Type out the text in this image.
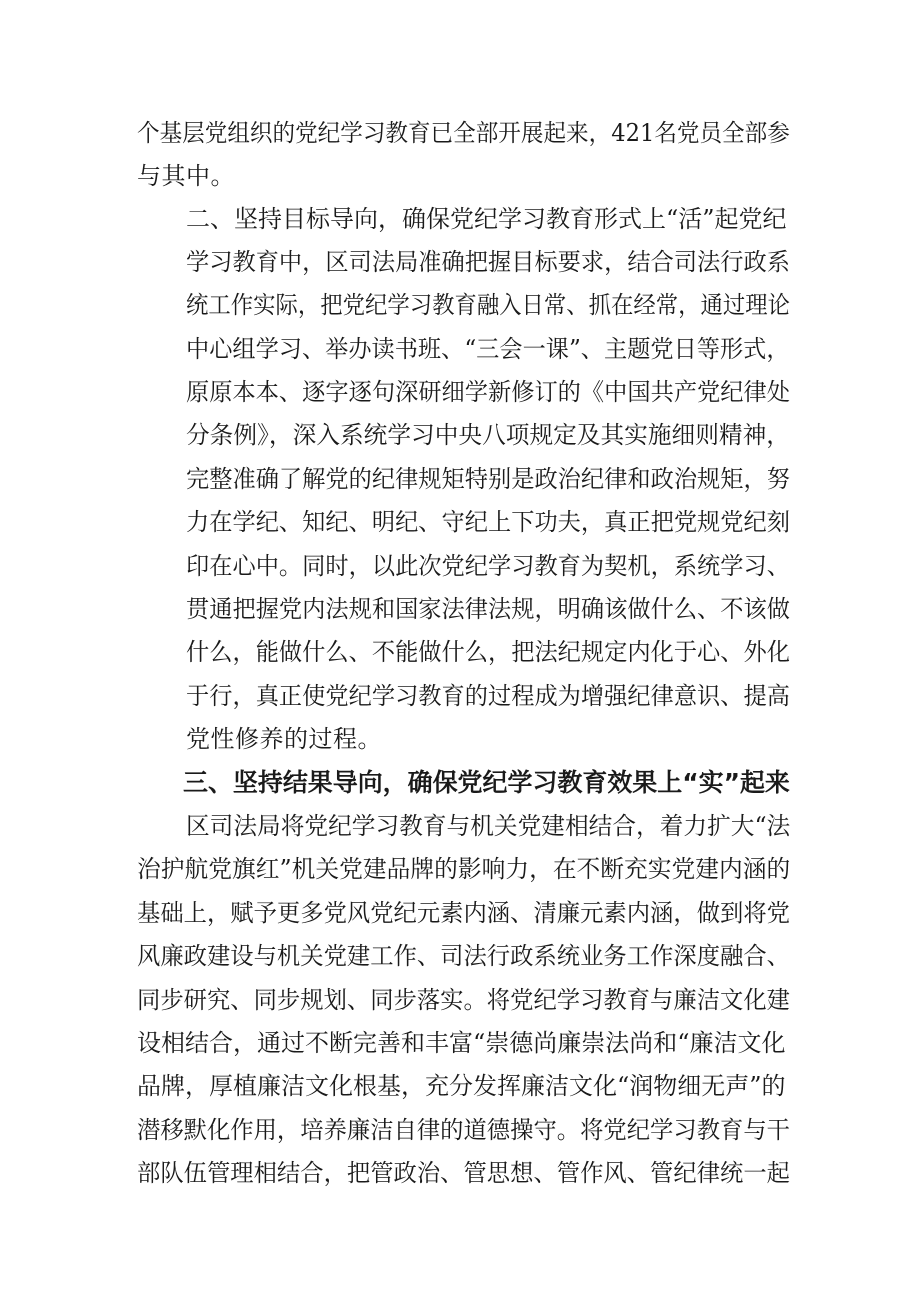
个基层党组织的党纪学习教育已全部开展起来，421名党员全部参
与其中。
二、坚持目标导向，确保党纪学习教育形式上“活”起党纪
学习教育中，区司法局准确把握目标要求，结合司法行政系
统工作实际，把党纪学习教育融入日常、抓在经常，通过理论
中心组学习、举办读书班、“三会一课”、主题党日等形式，
原原本本、逐字逐句深研细学新修订的《中国共产党纪律处
分条例》，深入系统学习中央八项规定及其实施细则精神，
完整准确了解党的纪律规矩特别是政治纪律和政治规矩，努
力在学纪、知纪、明纪、守纪上下功夫，真正把党规党纪刻
印在心中。同时，以此次党纪学习教育为契机，系统学习、
贯通把握党内法规和国家法律法规，明确该做什么、不该做
什么，能做什么、不能做什么，把法纪规定内化于心、外化
于行，真正使党纪学习教育的过程成为增强纪律意识、提高
党性修养的过程。
三、坚持结果导向，确保党纪学习教育效果上“实”起来
区司法局将党纪学习教育与机关党建相结合，着力扩大“法
治护航党旗红”机关党建品牌的影响力，在不断充实党建内涵的
基础上，赋予更多党风党纪元素内涵、清廉元素内涵，做到将党
风廉政建设与机关党建工作、司法行政系统业务工作深度融合、
同步研究、同步规划、同步落实。将党纪学习教育与廉洁文化建
设相结合，通过不断完善和丰富“崇德尚廉崇法尚和“廉洁文化
品牌，厚植廉洁文化根基，充分发挥廉洁文化“润物细无声”的
潜移默化作用，培养廉洁自律的道德操守。将党纪学习教育与干
部队伍管理相结合，把管政治、管思想、管作风、管纪律统一起
